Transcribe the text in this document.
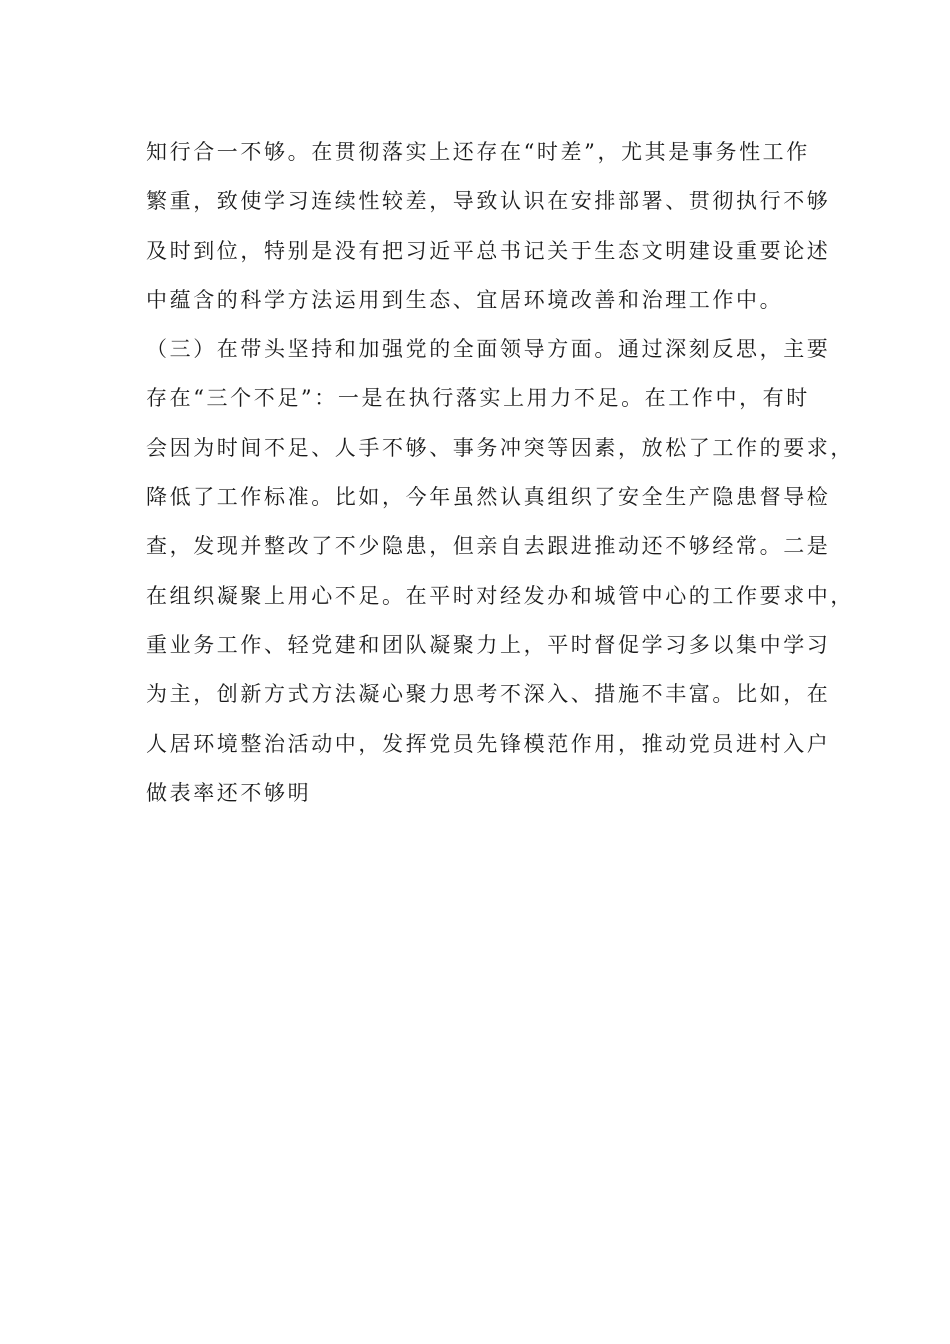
知行合一不够。在贯彻落实上还存在“时差”，尤其是事务性工作
繁重，致使学习连续性较差，导致认识在安排部署、贯彻执行不够
及时到位，特别是没有把习近平总书记关于生态文明建设重要论述
中蕴含的科学方法运用到生态、宜居环境改善和治理工作中。
（三）在带头坚持和加强党的全面领导方面。通过深刻反思，主要
存在“三个不足”：一是在执行落实上用力不足。在工作中，有时
会因为时间不足、人手不够、事务冲突等因素，放松了工作的要求，
降低了工作标准。比如，今年虽然认真组织了安全生产隐患督导检
查，发现并整改了不少隐患，但亲自去跟进推动还不够经常。二是
在组织凝聚上用心不足。在平时对经发办和城管中心的工作要求中，
重业务工作、轻党建和团队凝聚力上，平时督促学习多以集中学习
为主，创新方式方法凝心聚力思考不深入、措施不丰富。比如，在
人居环境整治活动中，发挥党员先锋模范作用，推动党员进村入户
做表率还不够明
